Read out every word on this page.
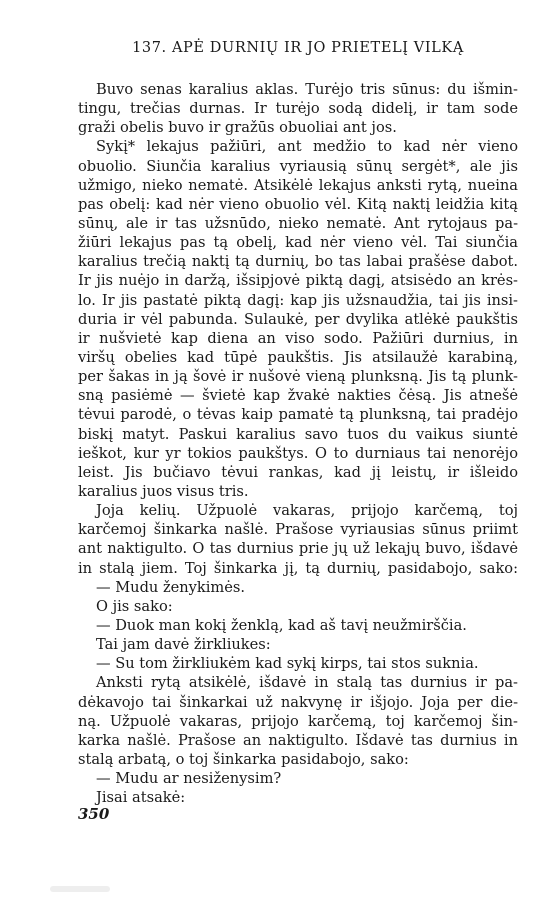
137. APĖ DURNIŲ IR JO PRIETELĮ VILKĄ
Buvo senas karalius aklas. Turėjo tris sūnus: du išmin-
tingu, trečias durnas. Ir turėjo sodą didelį, ir tam sode
graži obelis buvo ir gražūs obuoliai ant jos.
Sykį* lekajus pažiūri, ant medžio to kad nėr vieno
obuolio. Siunčia karalius vyriausią sūnų sergėt*, ale jis
užmigo, nieko nematė. Atsikėlė lekajus anksti rytą, nueina
pas obelį: kad nėr vieno obuolio vėl. Kitą naktį leidžia kitą
sūnų, ale ir tas užsnūdo, nieko nematė. Ant rytojaus pa-
žiūri lekajus pas tą obelį, kad nėr vieno vėl. Tai siunčia
karalius trečią naktį tą durnių, bo tas labai prašėse dabot.
Ir jis nuėjo in daržą, išsipjovė piktą dagį, atsisėdo an krės-
lo. Ir jis pastatė piktą dagį: kap jis užsnaudžia, tai jis insi-
duria ir vėl pabunda. Sulaukė, per dvylika atlėkė paukštis
ir nušvietė kap diena an viso sodo. Pažiūri durnius, in
viršų obelies kad tūpė paukštis. Jis atsilaužė karabiną,
per šakas in ją šovė ir nušovė vieną plunksną. Jis tą plunk-
sną pasiėmė — švietė kap žvakė nakties čėsą. Jis atnešė
tėvui parodė, o tėvas kaip pamatė tą plunksną, tai pradėjo
biskį matyt. Paskui karalius savo tuos du vaikus siuntė
ieškot, kur yr tokios paukštys. O to durniaus tai nenorėjo
leist. Jis bučiavo tėvui rankas, kad jį leistų, ir išleido
karalius juos visus tris.
Joja kelių. Užpuolė vakaras, prijojo karčemą, toj
karčemoj šinkarka našlė. Prašose vyriausias sūnus priimt
ant naktigulto. O tas durnius prie jų už lekajų buvo, išdavė
in stalą jiem. Toj šinkarka jį, tą durnių, pasidabojo, sako:
— Mudu ženykimės.
O jis sako:
— Duok man kokį ženklą, kad aš tavį neužmirščia.
Tai jam davė žirkliukes:
— Su tom žirkliukėm kad sykį kirps, tai stos suknia.
Anksti rytą atsikėlė, išdavė in stalą tas durnius ir pa-
dėkavojo tai šinkarkai už nakvynę ir išjojo. Joja per die-
ną. Užpuolė vakaras, prijojo karčemą, toj karčemoj šin-
karka našlė. Prašose an naktigulto. Išdavė tas durnius in
stalą arbatą, o toj šinkarka pasidabojo, sako:
— Mudu ar nesiženysim?
Jisai atsakė:
350
